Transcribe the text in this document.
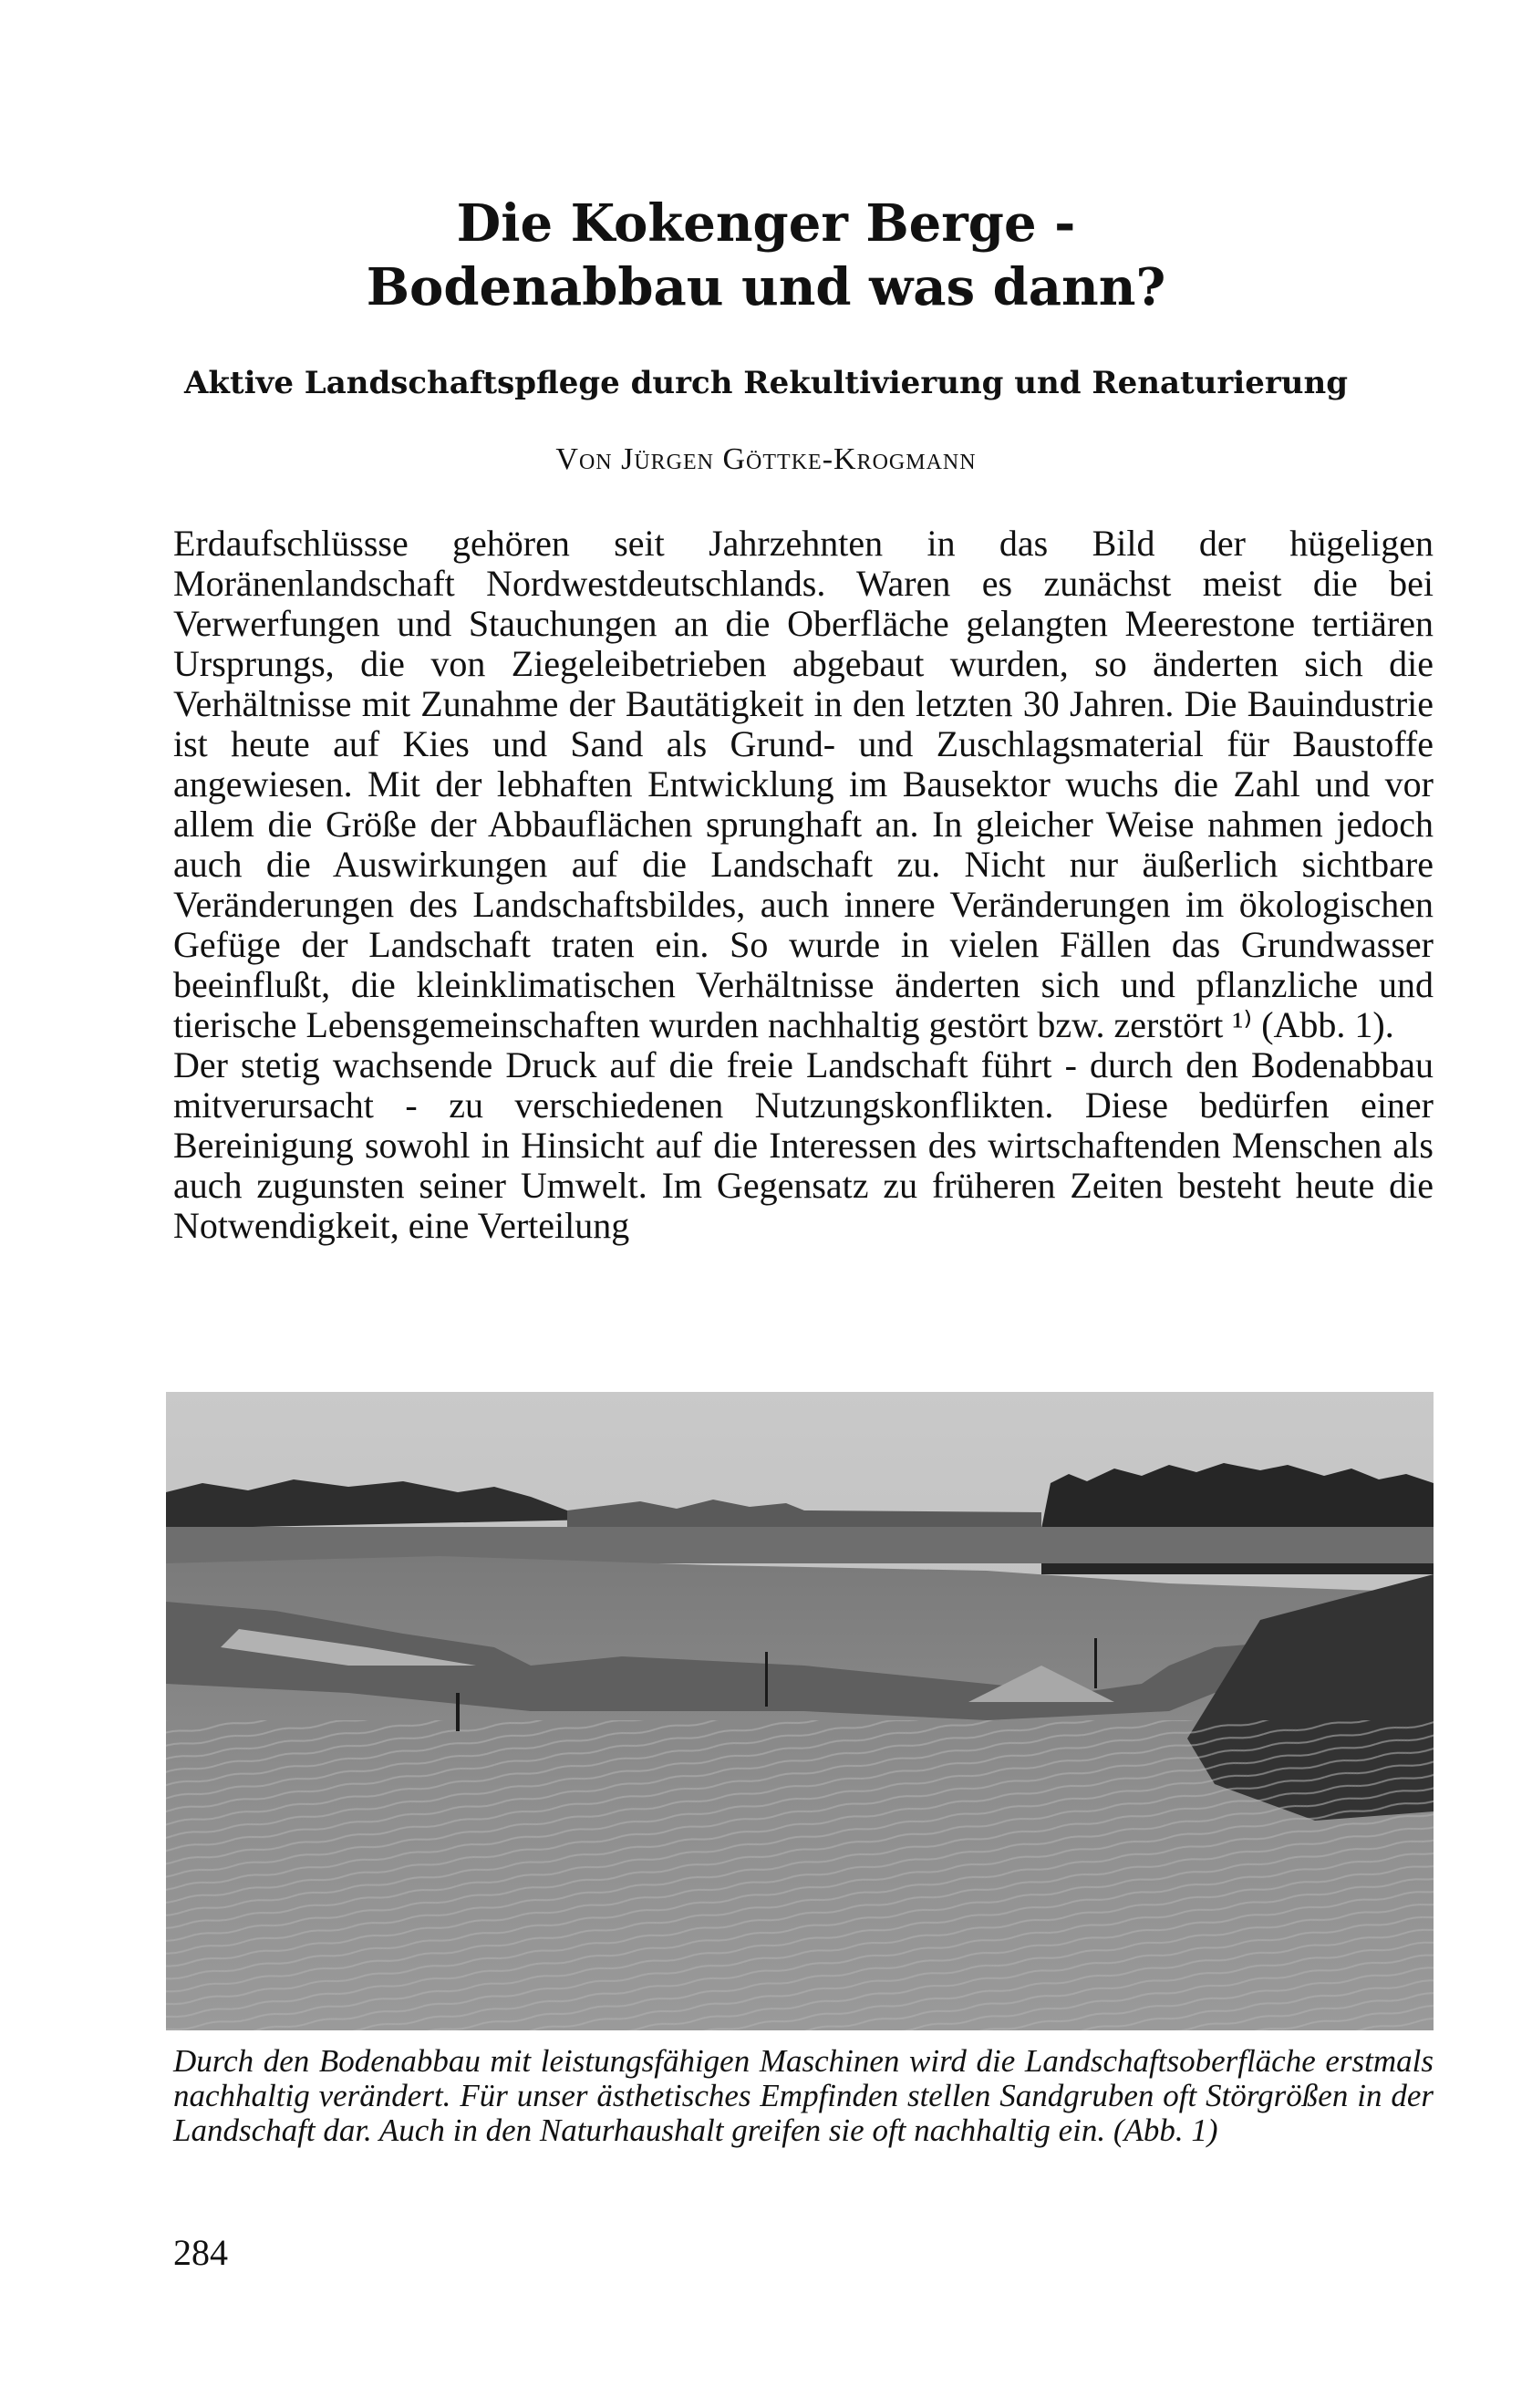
Die Kokenger Berge -
Bodenabbau und was dann?
Aktive Landschaftspflege durch Rekultivierung und Renaturierung
Von Jürgen Göttke-Krogmann

Erdaufschlüssse gehören seit Jahrzehnten in das Bild der hügeligen Moränenlandschaft Nordwestdeutschlands. Waren es zunächst meist die bei Verwerfungen und Stauchungen an die Oberfläche gelangten Meerestone tertiären Ursprungs, die von Ziegeleibetrieben abgebaut wurden, so änderten sich die Verhältnisse mit Zunahme der Bautätigkeit in den letzten 30 Jahren. Die Bauindustrie ist heute auf Kies und Sand als Grund- und Zuschlagsmaterial für Baustoffe angewiesen. Mit der lebhaften Entwicklung im Bausektor wuchs die Zahl und vor allem die Größe der Abbauflächen sprunghaft an. In gleicher Weise nahmen jedoch auch die Auswirkungen auf die Landschaft zu. Nicht nur äußerlich sichtbare Veränderungen des Landschaftsbildes, auch innere Veränderungen im ökologischen Gefüge der Landschaft traten ein. So wurde in vielen Fällen das Grundwasser beeinflußt, die kleinklimatischen Verhältnisse änderten sich und pflanzliche und tierische Lebensgemeinschaften wurden nachhaltig gestört bzw. zerstört ¹⁾ (Abb. 1).

Der stetig wachsende Druck auf die freie Landschaft führt - durch den Bodenabbau mitverursacht - zu verschiedenen Nutzungskonflikten. Diese bedürfen einer Bereinigung sowohl in Hinsicht auf die Interessen des wirtschaftenden Menschen als auch zugunsten seiner Umwelt. Im Gegensatz zu früheren Zeiten besteht heute die Notwendigkeit, eine Verteilung

Durch den Bodenabbau mit leistungsfähigen Maschinen wird die Landschaftsoberfläche erstmals nachhaltig verändert. Für unser ästhetisches Empfinden stellen Sandgruben oft Störgrößen in der Landschaft dar. Auch in den Naturhaushalt greifen sie oft nachhaltig ein. (Abb. 1)

284
